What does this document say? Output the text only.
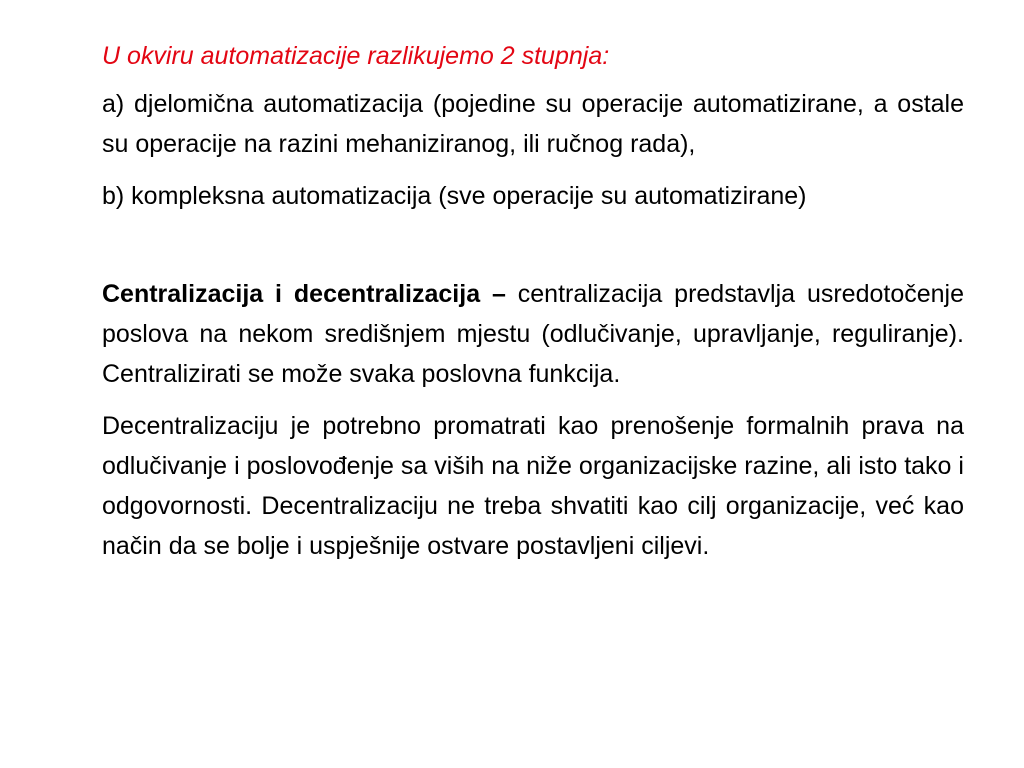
U okviru automatizacije razlikujemo 2 stupnja:

a) djelomična automatizacija (pojedine su operacije automatizirane, a ostale su operacije na razini mehaniziranog, ili ručnog rada),

b) kompleksna automatizacija (sve operacije su automatizirane)

Centralizacija i decentralizacija – centralizacija predstavlja usredotočenje poslova na nekom središnjem mjestu (odlučivanje, upravljanje, reguliranje). Centralizirati se može svaka poslovna funkcija.

Decentralizaciju je potrebno promatrati kao prenošenje formalnih prava na odlučivanje i poslovođenje sa viših na niže organizacijske razine, ali isto tako i odgovornosti. Decentralizaciju ne treba shvatiti kao cilj organizacije, već kao način da se bolje i uspješnije ostvare postavljeni ciljevi.
